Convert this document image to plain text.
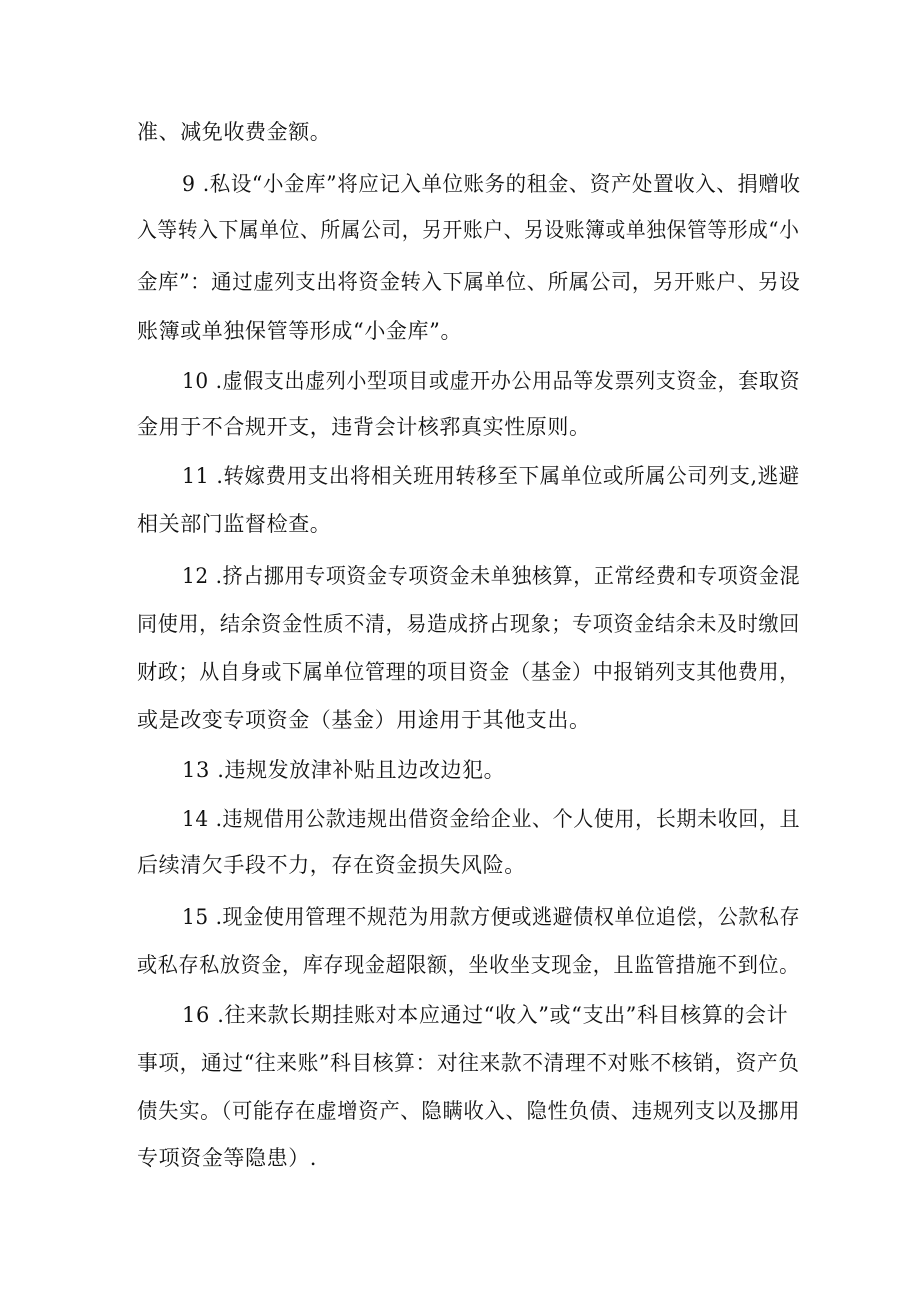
准、减免收费金额。
9 .私设“小金库”将应记入单位账务的租金、资产处置收入、捐赠收
入等转入下属单位、所属公司，另开账户、另设账簿或单独保管等形成“小
金库”：通过虚列支出将资金转入下属单位、所属公司，另开账户、另设
账簿或单独保管等形成“小金库”。
10 .虚假支出虚列小型项目或虚开办公用品等发票列支资金，套取资
金用于不合规开支，违背会计核郛真实性原则。
11 .转嫁费用支出将相关班用转移至下属单位或所属公司列支,逃避
相关部门监督检查。
12 .挤占挪用专项资金专项资金未单独核算，正常经费和专项资金混
同使用，结余资金性质不清，易造成挤占现象；专项资金结余未及时缴回
财政；从自身或下属单位管理的项目资金（基金）中报销列支其他费用，
或是改变专项资金（基金）用途用于其他支出。
13 .违规发放津补贴且边改边犯。
14 .违规借用公款违规出借资金给企业、个人使用，长期未收回，且
后续清欠手段不力，存在资金损失风险。
15 .现金使用管理不规范为用款方便或逃避债权单位追偿，公款私存
或私存私放资金，库存现金超限额，坐收坐支现金，且监管措施不到位。
16 .往来款长期挂账对本应通过“收入”或“支出”科目核算的会计
事项，通过“往来账”科目核算：对往来款不清理不对账不核销，资产负
债失实。（可能存在虚增资产、隐瞒收入、隐性负债、违规列支以及挪用
专项资金等隐患）.
